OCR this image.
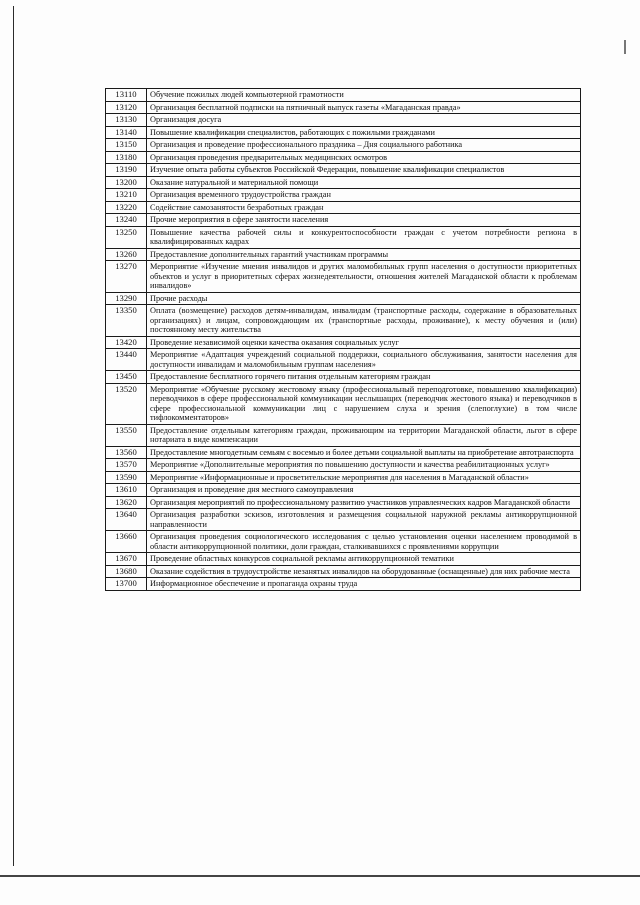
13110	Обучение пожилых людей компьютерной грамотности
13120	Организация бесплатной подписки на пятничный выпуск газеты «Магаданская правда»
13130	Организация досуга
13140	Повышение квалификации специалистов, работающих с пожилыми гражданами
13150	Организация и проведение профессионального праздника – Дня социального работника
13180	Организация проведения предварительных медицинских осмотров
13190	Изучение опыта работы субъектов Российской Федерации, повышение квалификации специалистов
13200	Оказание натуральной и материальной помощи
13210	Организация временного трудоустройства граждан
13220	Содействие самозанятости безработных граждан
13240	Прочие мероприятия в сфере занятости населения
13250	Повышение качества рабочей силы и конкурентоспособности граждан с учетом потребности региона в квалифицированных кадрах
13260	Предоставление дополнительных гарантий участникам программы
13270	Мероприятие «Изучение мнения инвалидов и других маломобильных групп населения о доступности приоритетных объектов и услуг в приоритетных сферах жизнедеятельности, отношения жителей Магаданской области к проблемам инвалидов»
13290	Прочие расходы
13350	Оплата (возмещение) расходов детям-инвалидам, инвалидам (транспортные расходы, содержание в образовательных организациях) и лицам, сопровождающим их (транспортные расходы, проживание), к месту обучения и (или) постоянному месту жительства
13420	Проведение независимой оценки качества оказания социальных услуг
13440	Мероприятие «Адаптация учреждений социальной поддержки, социального обслуживания, занятости населения для доступности инвалидам и маломобильным группам населения»
13450	Предоставление бесплатного горячего питания отдельным категориям граждан
13520	Мероприятие «Обучение русскому жестовому языку (профессиональный переподготовке, повышению квалификации) переводчиков в сфере профессиональной коммуникации неслышащих (переводчик жестового языка) и переводчиков в сфере профессиональной коммуникации лиц с нарушением слуха и зрения (слепоглухие) в том числе тифлокомментаторов»
13550	Предоставление отдельным категориям граждан, проживающим на территории Магаданской области, льгот в сфере нотариата в виде компенсации
13560	Предоставление многодетным семьям с восемью и более детьми социальной выплаты на приобретение автотранспорта
13570	Мероприятие «Дополнительные мероприятия по повышению доступности и качества реабилитационных услуг»
13590	Мероприятие «Информационные и просветительские мероприятия для населения в Магаданской области»
13610	Организация и проведение дня местного самоуправления
13620	Организация мероприятий по профессиональному развитию участников управленческих кадров Магаданской области
13640	Организация разработки эскизов, изготовления и размещения социальной наружной рекламы антикоррупционной направленности
13660	Организация проведения социологического исследования с целью установления оценки населением проводимой в области антикоррупционной политики, доли граждан, сталкивавшихся с проявлениями коррупции
13670	Проведение областных конкурсов социальной рекламы антикоррупционной тематики
13680	Оказание содействия в трудоустройстве незанятых инвалидов на оборудованные (оснащенные) для них рабочие места
13700	Информационное обеспечение и пропаганда охраны труда
